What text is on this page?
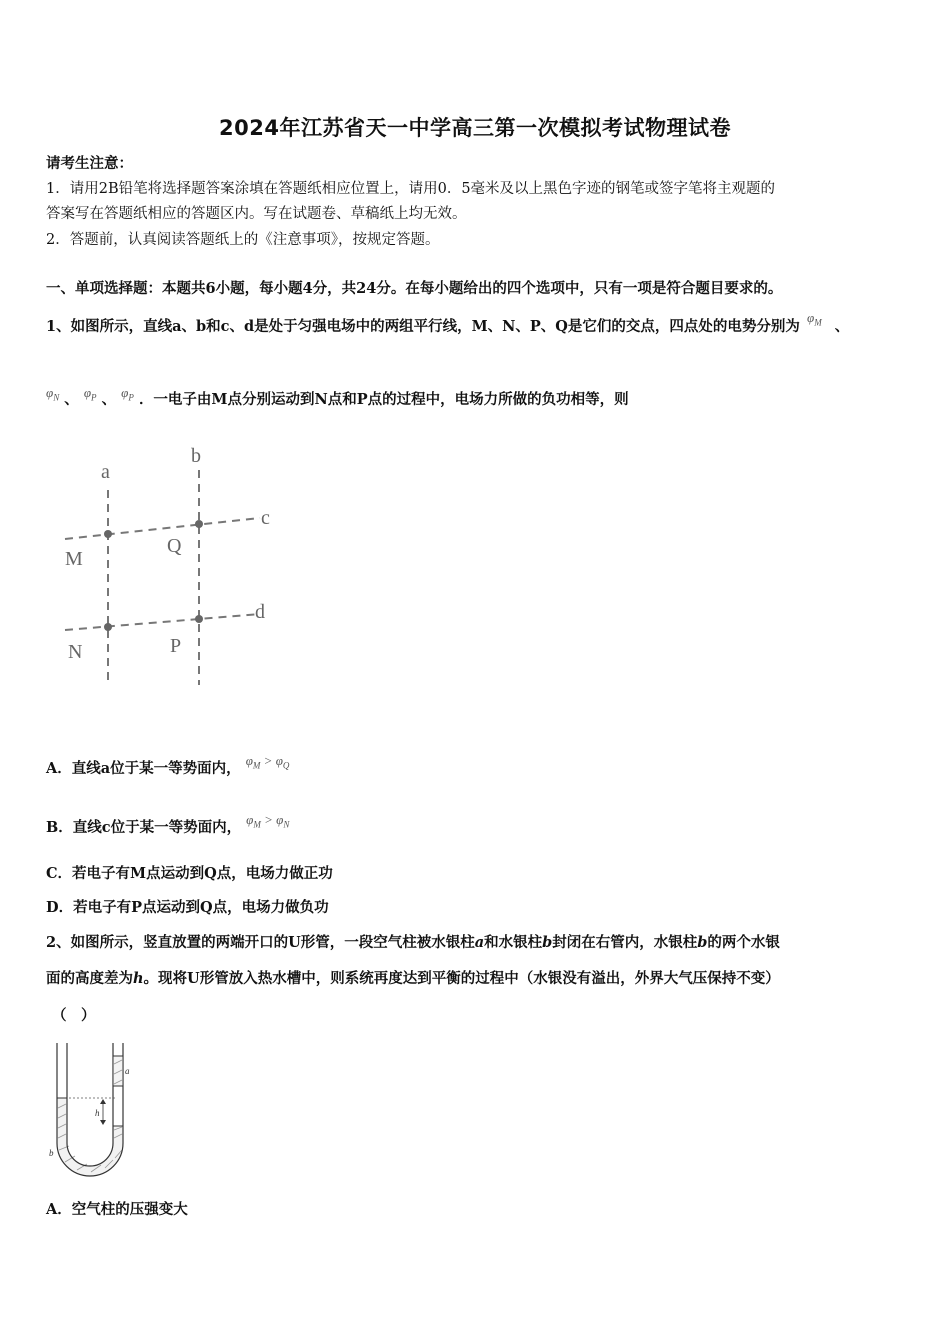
2024年江苏省天一中学高三第一次模拟考试物理试卷
请考生注意：
1．请用2B铅笔将选择题答案涂填在答题纸相应位置上，请用0．5毫米及以上黑色字迹的钢笔或签字笔将主观题的
答案写在答题纸相应的答题区内。写在试题卷、草稿纸上均无效。
2．答题前，认真阅读答题纸上的《注意事项》，按规定答题。
一、单项选择题：本题共6小题，每小题4分，共24分。在每小题给出的四个选项中，只有一项是符合题目要求的。
1、如图所示，直线a、b和c、d是处于匀强电场中的两组平行线，M、N、P、Q是它们的交点，四点处的电势分别为 $\varphi_M$ 、
$\varphi_N$ 、 $\varphi_P$ 、 $\varphi_P$ ．一电子由M点分别运动到N点和P点的过程中，电场力所做的负功相等，则
a
b
c
d
M
Q
N	P
A．直线a位于某一等势面内， $\varphi_M > \varphi_Q$
B．直线c位于某一等势面内， $\varphi_M > \varphi_N$
C．若电子有M点运动到Q点，电场力做正功
D．若电子有P点运动到Q点，电场力做负功
2、如图所示，竖直放置的两端开口的U形管，一段空气柱被水银柱a和水银柱b封闭在右管内，水银柱b的两个水银
面的高度差为h。现将U形管放入热水槽中，则系统再度达到平衡的过程中（水银没有溢出，外界大气压保持不变）
（　）
h
a
b
A．空气柱的压强变大
